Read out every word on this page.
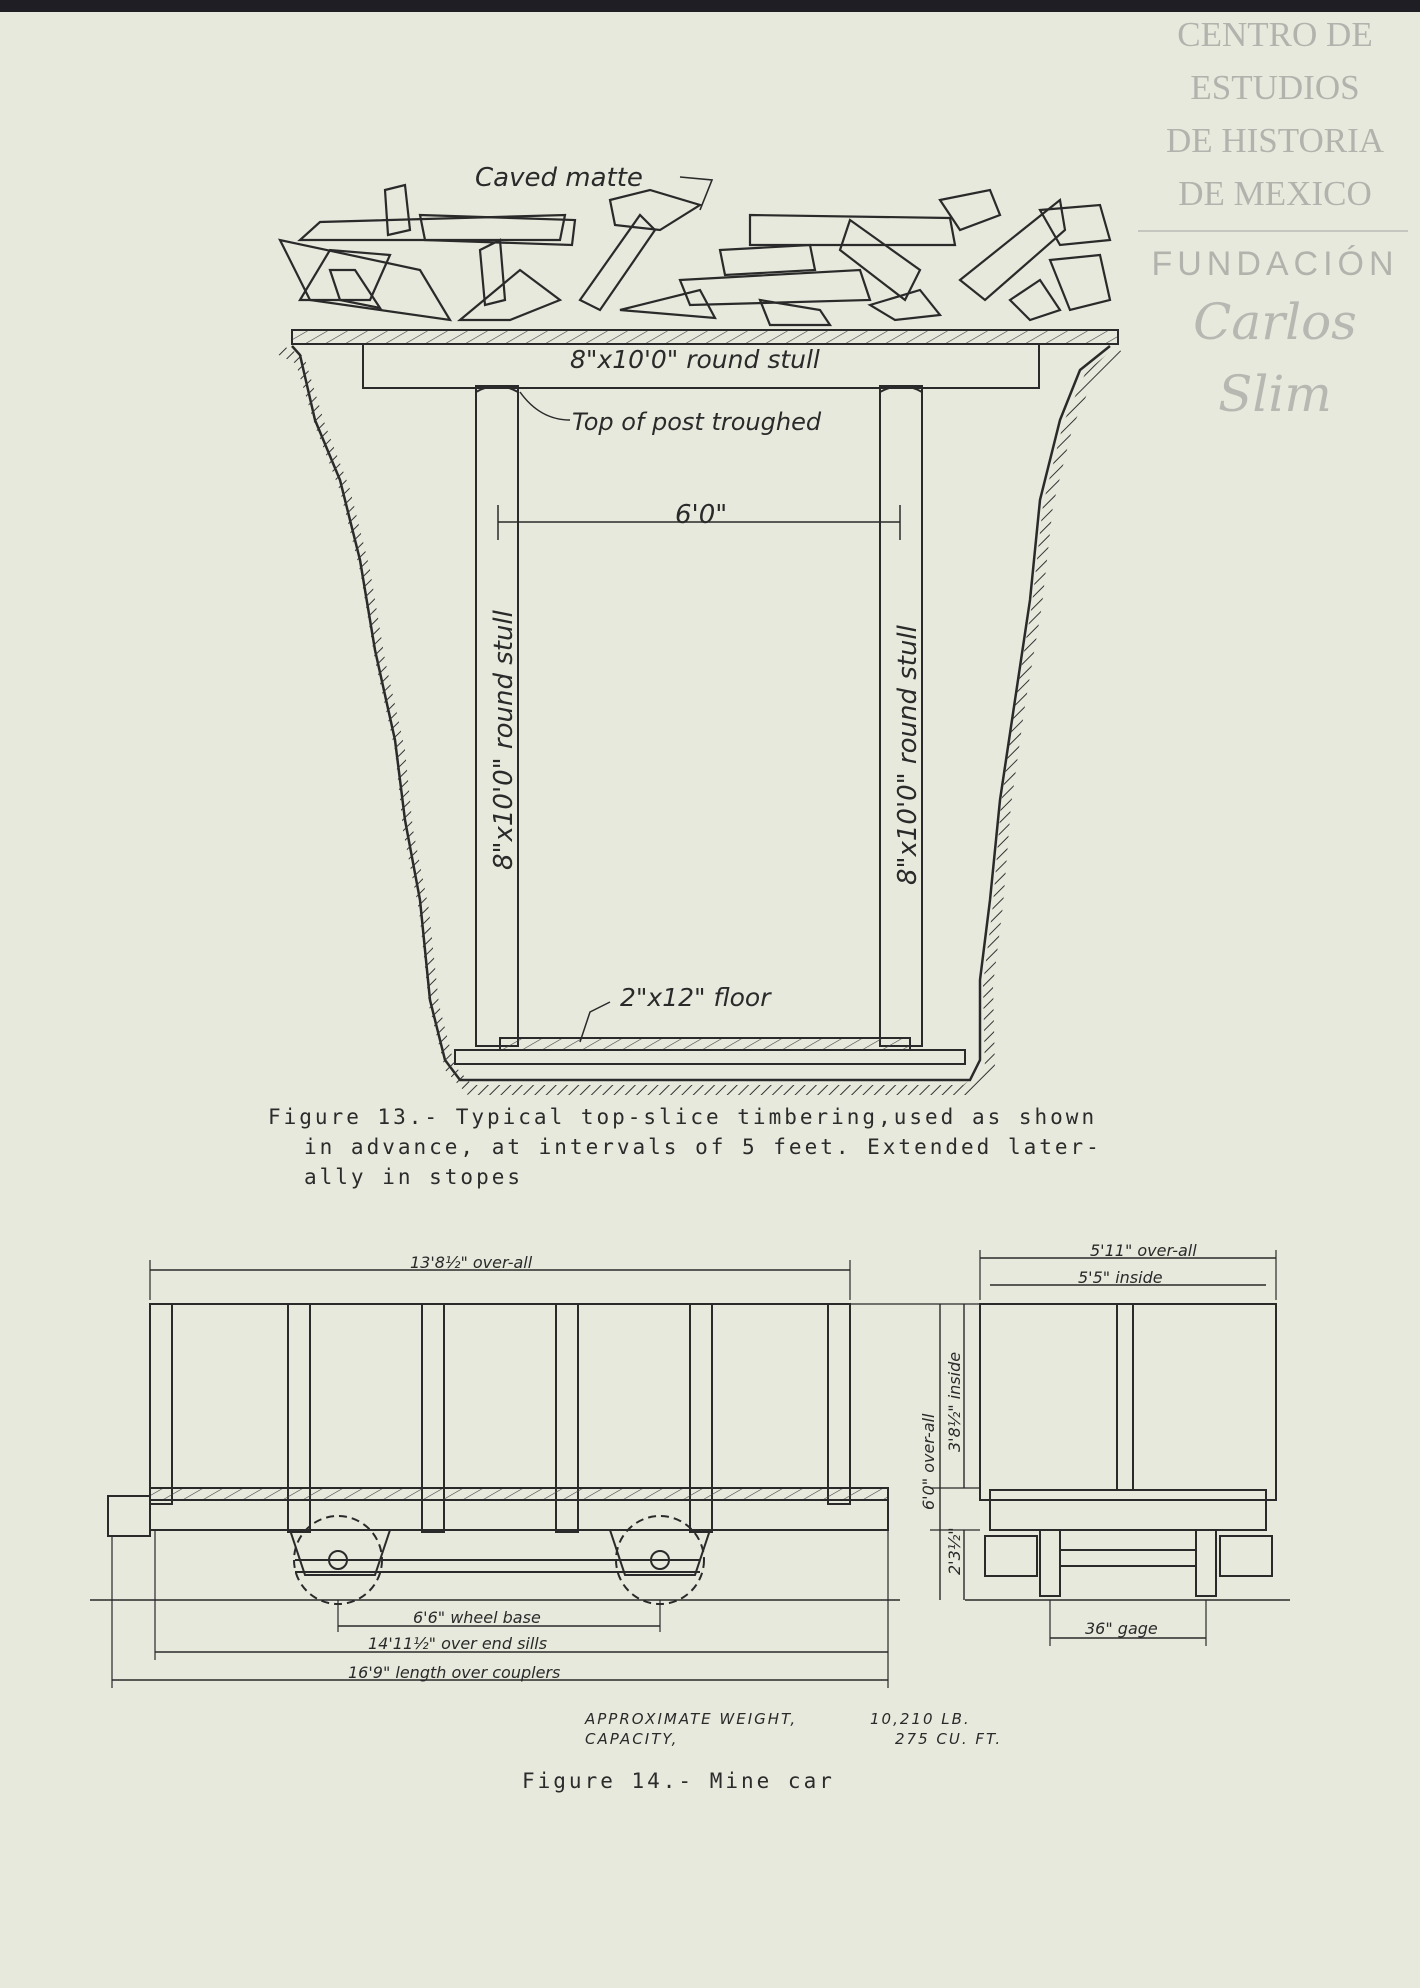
CENTRO DE
ESTUDIOS
DE HISTORIA
DE MEXICO
FUNDACIÓN
Carlos Slim
Caved matte
8"x10'0" round stull
Top of post troughed
6'0"
8"x10'0" round stull	8"x10'0" round stull
2"x12" floor
13'8½" over-all
5'11" over-all
5'5" inside
6'0" over-all
3'8½" inside
2'3½"
6'6" wheel base
14'11½" over end sills
16'9" length over couplers
36" gage
APPROXIMATE WEIGHT,	10,210 LB.
CAPACITY,	275 CU. FT.
Figure 13.- Typical top-slice timbering,used as shown
in advance, at intervals of 5 feet. Extended later-
ally in stopes
Figure 14.- Mine car
